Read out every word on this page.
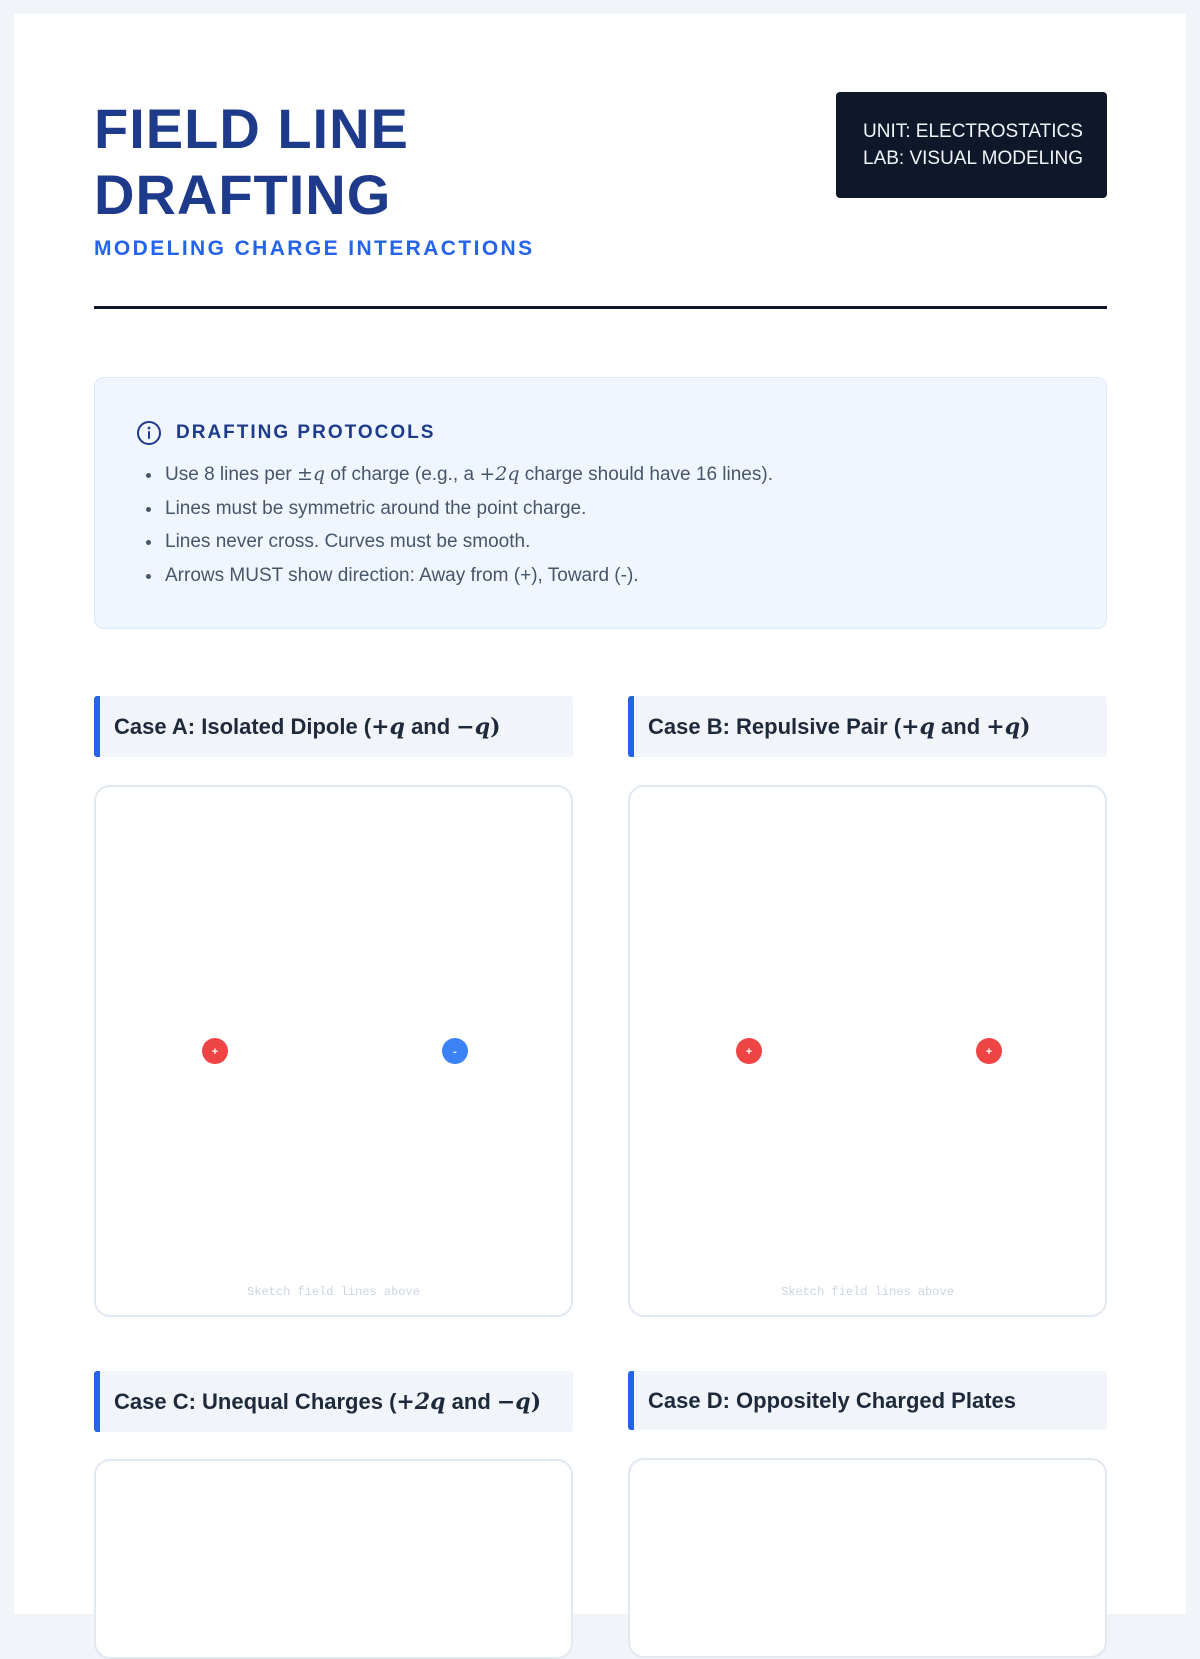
FIELD LINE
DRAFTING
MODELING CHARGE INTERACTIONS
UNIT: ELECTROSTATICS
LAB: VISUAL MODELING
DRAFTING PROTOCOLS
• Use 8 lines per ±q of charge (e.g., a +2q charge should have 16 lines).
• Lines must be symmetric around the point charge.
• Lines never cross. Curves must be smooth.
• Arrows MUST show direction: Away from (+), Toward (-).
Case A: Isolated Dipole (+q and −q)
+	-
Sketch field lines above
Case B: Repulsive Pair (+q and +q)
+	+
Sketch field lines above
Case C: Unequal Charges (+2q and −q)	Case D: Oppositely Charged Plates
